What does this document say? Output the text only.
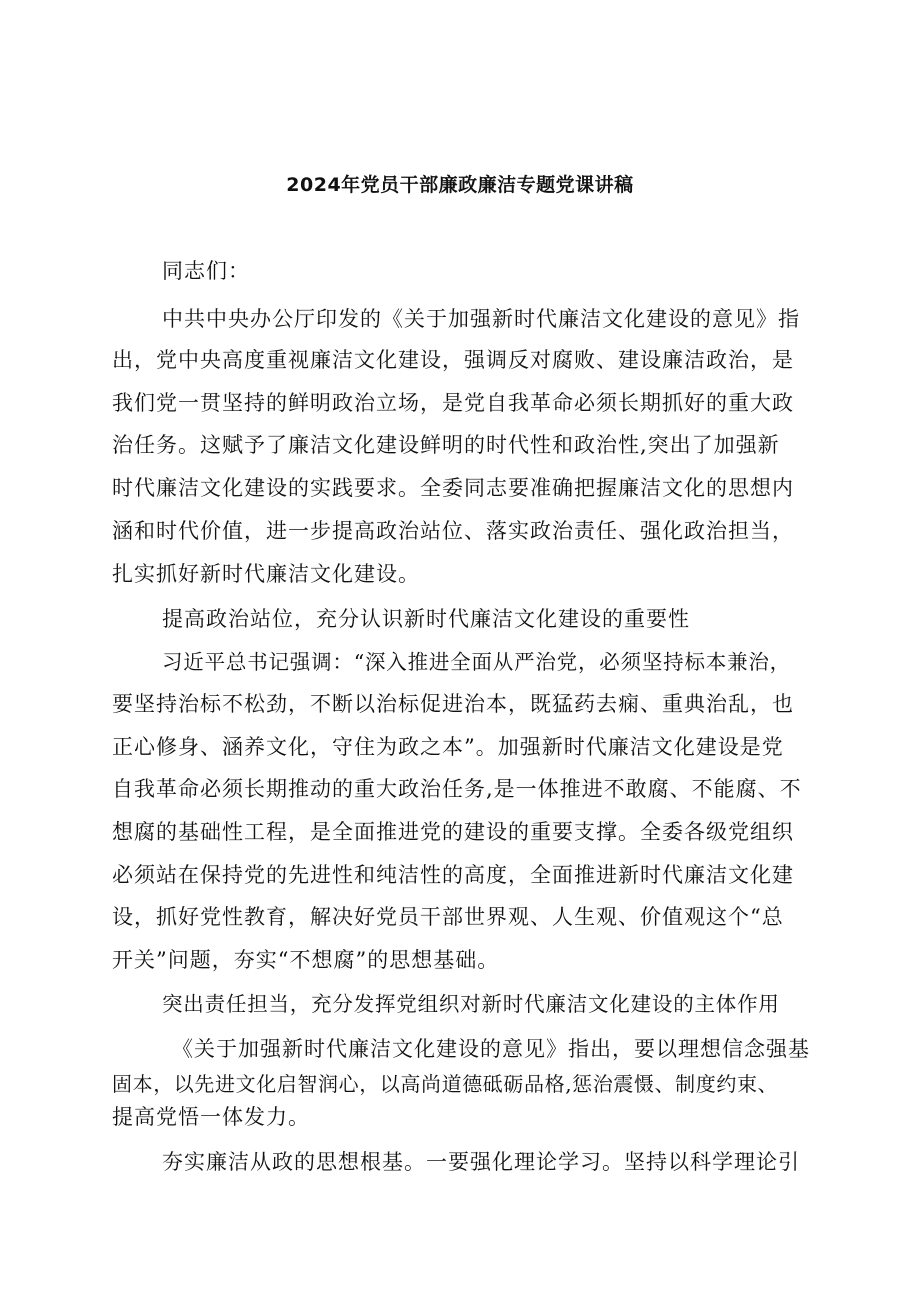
2024年党员干部廉政廉洁专题党课讲稿
同志们：
中共中央办公厅印发的《关于加强新时代廉洁文化建设的意见》指
出，党中央高度重视廉洁文化建设，强调反对腐败、建设廉洁政治，是
我们党一贯坚持的鲜明政治立场，是党自我革命必须长期抓好的重大政
治任务。这赋予了廉洁文化建设鲜明的时代性和政治性,突出了加强新
时代廉洁文化建设的实践要求。全委同志要准确把握廉洁文化的思想内
涵和时代价值，进一步提高政治站位、落实政治责任、强化政治担当，
扎实抓好新时代廉洁文化建设。
提高政治站位，充分认识新时代廉洁文化建设的重要性
习近平总书记强调：“深入推进全面从严治党，必须坚持标本兼治，
要坚持治标不松劲，不断以治标促进治本，既猛药去痫、重典治乱，也
正心修身、涵养文化，守住为政之本”。加强新时代廉洁文化建设是党
自我革命必须长期推动的重大政治任务,是一体推进不敢腐、不能腐、不
想腐的基础性工程，是全面推进党的建设的重要支撑。全委各级党组织
必须站在保持党的先进性和纯洁性的高度，全面推进新时代廉洁文化建
设，抓好党性教育，解决好党员干部世界观、人生观、价值观这个“总
开关”问题，夯实“不想腐”的思想基础。
突出责任担当，充分发挥党组织对新时代廉洁文化建设的主体作用
《关于加强新时代廉洁文化建设的意见》指出，要以理想信念强基
固本，以先进文化启智润心，以高尚道德砥砺品格,惩治震慑、制度约束、
提高党悟一体发力。
夯实廉洁从政的思想根基。一要强化理论学习。坚持以科学理论引
